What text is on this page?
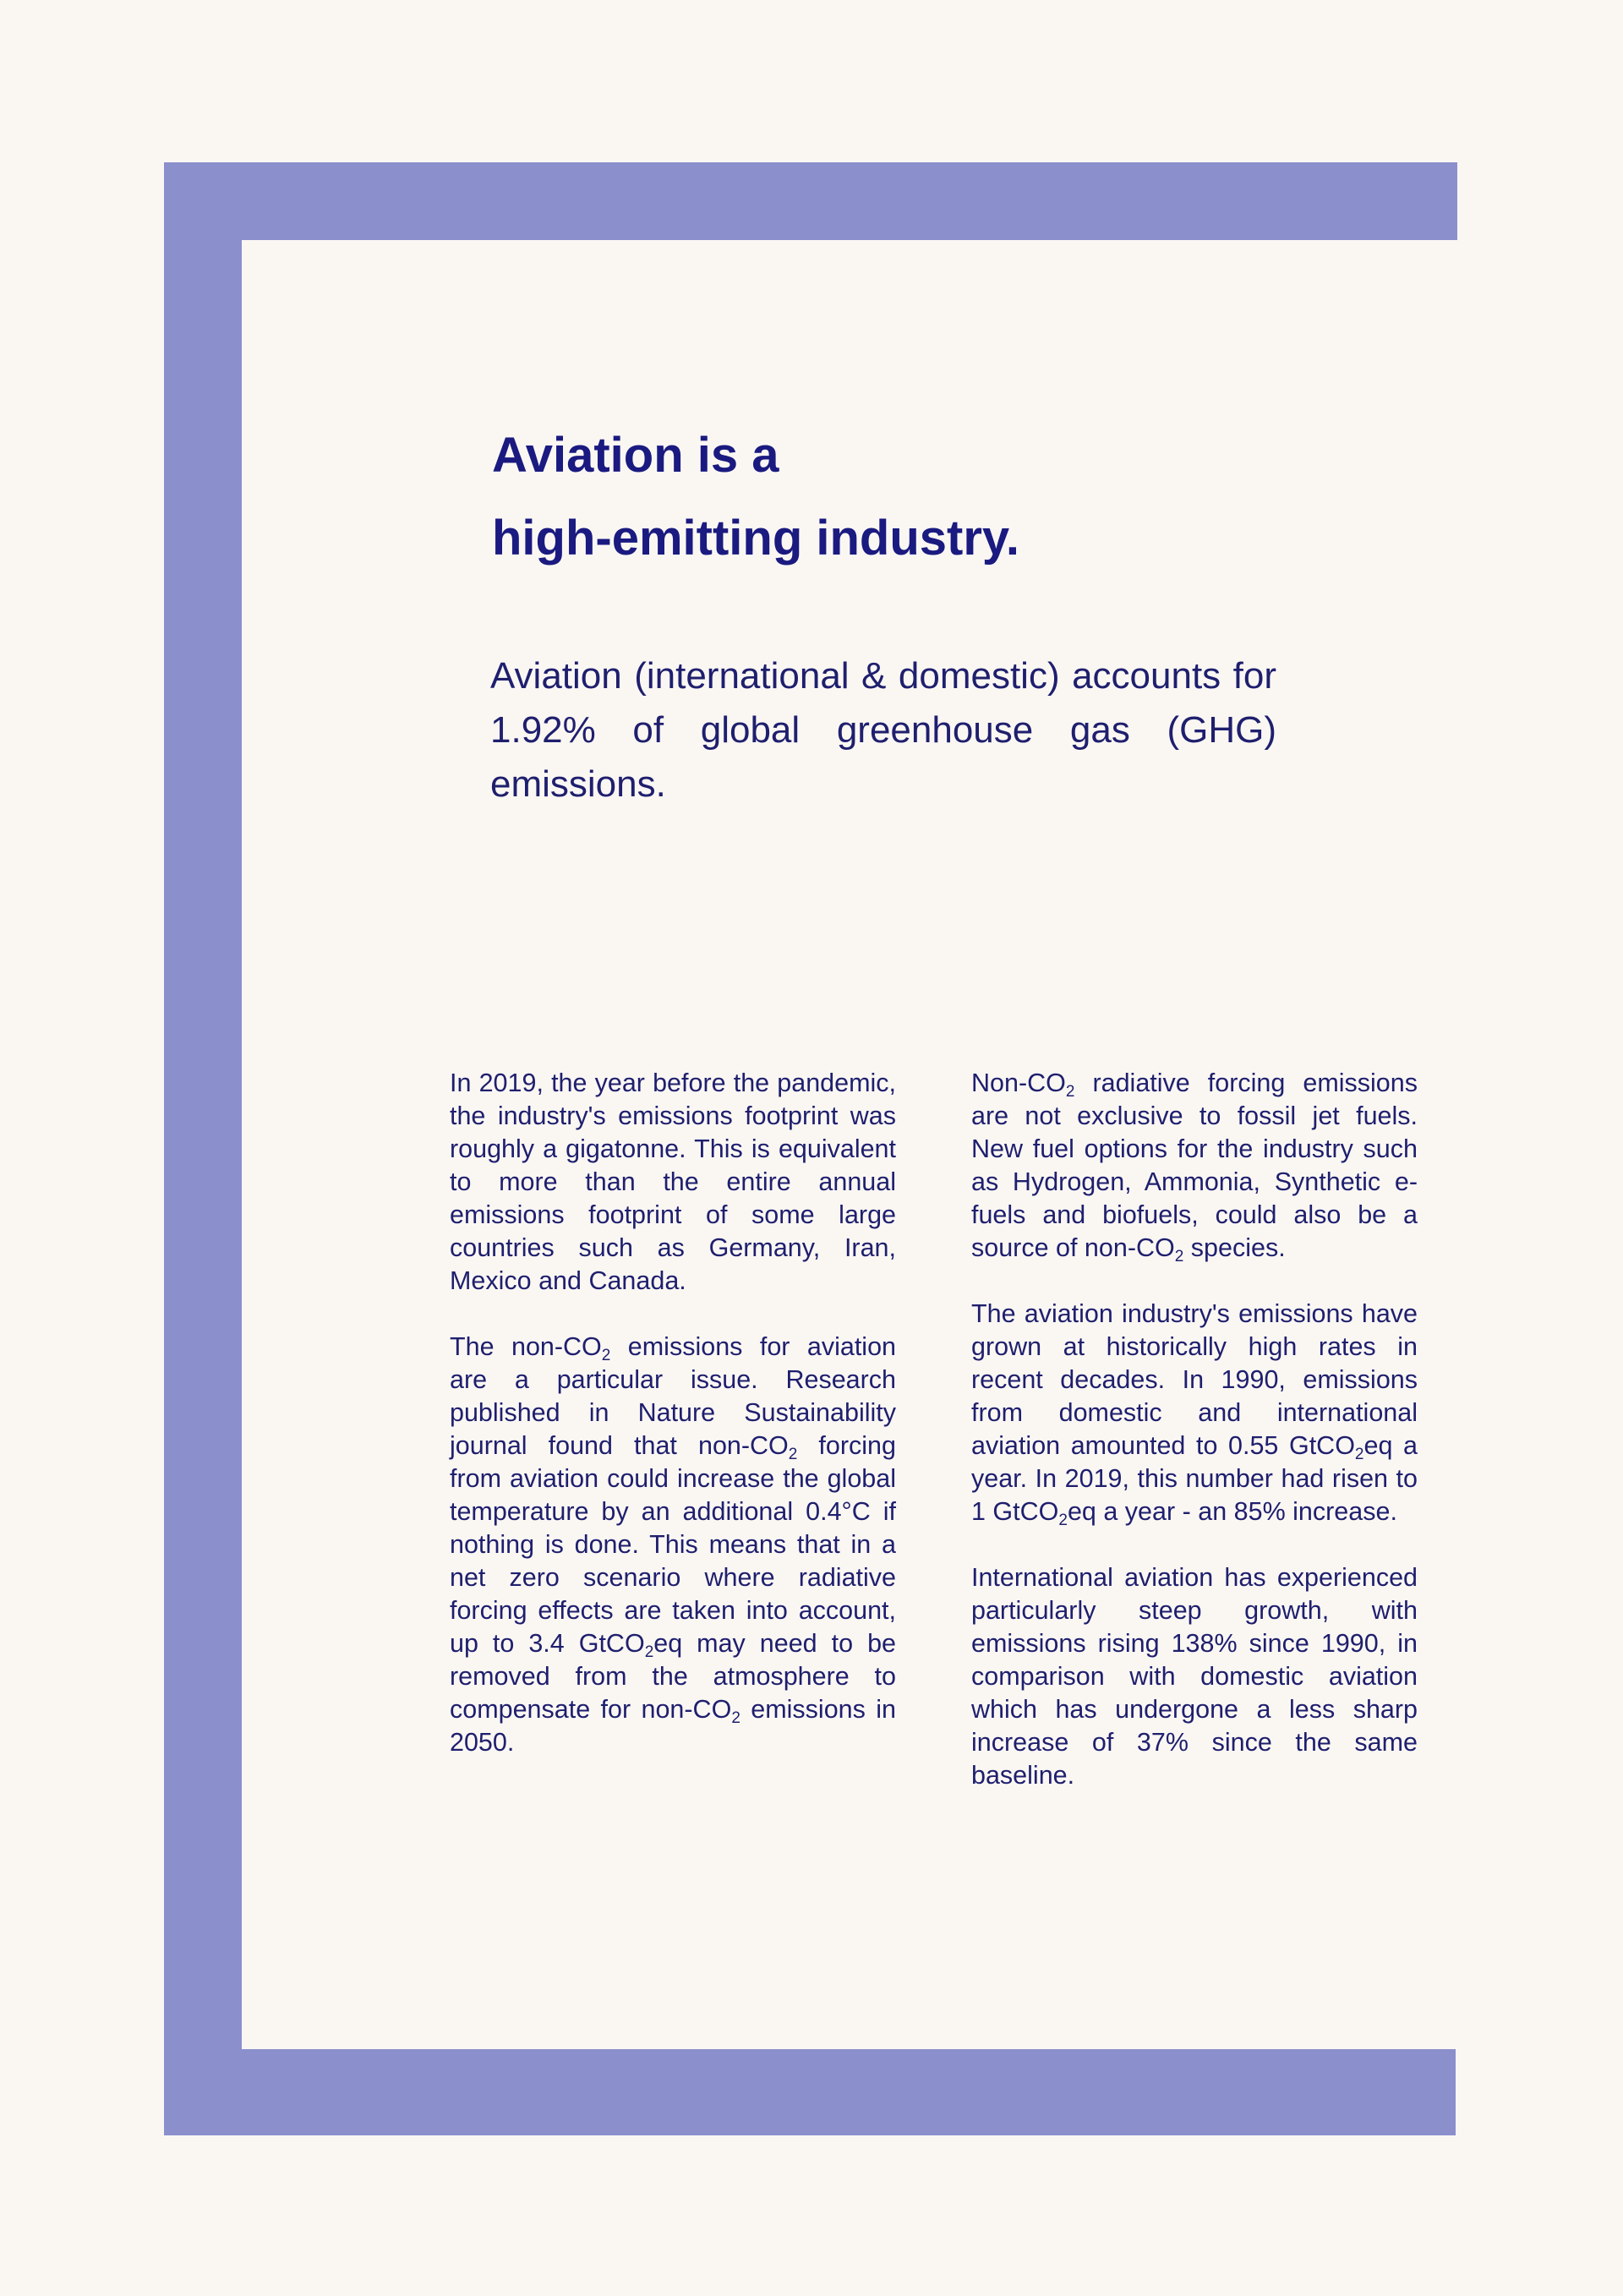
Aviation is a
high-emitting industry.
Aviation (international & domestic) accounts for 1.92% of global greenhouse gas (GHG) emissions.

In 2019, the year before the pandemic, the industry's emissions footprint was roughly a gigatonne. This is equivalent to more than the entire annual emissions footprint of some large countries such as Germany, Iran, Mexico and Canada.

The non-$CO_2$ emissions for aviation are a particular issue. Research published in Nature Sustainability journal found that non-$CO_2$ forcing from aviation could increase the global temperature by an additional 0.4°C if nothing is done. This means that in a net zero scenario where radiative forcing effects are taken into account, up to 3.4 GtCO$_2$eq may need to be removed from the atmosphere to compensate for non-$CO_2$ emissions in 2050.

Non-$CO_2$ radiative forcing emissions are not exclusive to fossil jet fuels. New fuel options for the industry such as Hydrogen, Ammonia, Synthetic e-fuels and biofuels, could also be a source of non-$CO_2$ species.

The aviation industry's emissions have grown at historically high rates in recent decades. In 1990, emissions from domestic and international aviation amounted to 0.55 GtCO$_2$eq a year. In 2019, this number had risen to 1 GtCO$_2$eq a year - an 85% increase.

International aviation has experienced particularly steep growth, with emissions rising 138% since 1990, in comparison with domestic aviation which has undergone a less sharp increase of 37% since the same baseline.
